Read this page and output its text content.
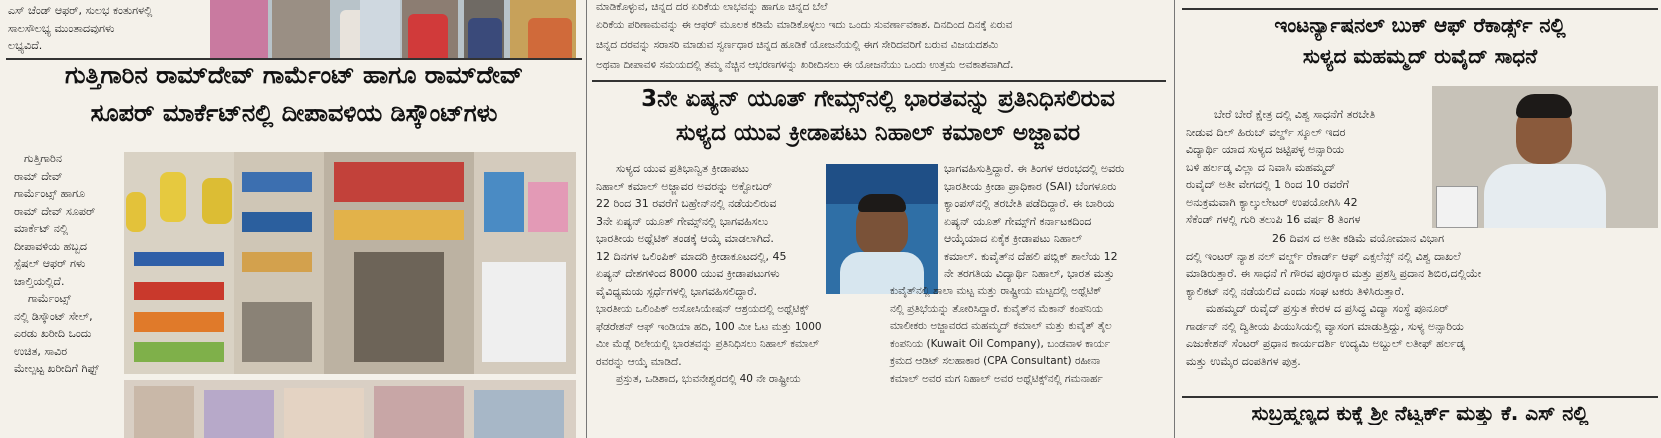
ಎಸ್ ಚೆಂಡ್ ಆಫರ್, ಸುಲಭ ಕಂತುಗಳಲ್ಲಿ

ಸಾಲಸೌಲಭ್ಯ ಮುಂತಾದವುಗಳು

ಲಭ್ಯವಿದೆ.

ಗುತ್ತಿಗಾರಿನ ರಾಮ್‌ದೇವ್ ಗಾರ್ಮೆಂಟ್ ಹಾಗೂ ರಾಮ್‌ದೇವ್
ಸೂಪರ್ ಮಾರ್ಕೆಟ್‌ನಲ್ಲಿ ದೀಪಾವಳಿಯ ಡಿಸ್ಕೌಂಟ್‌ಗಳು

ಗುತ್ತಿಗಾರಿನ

ರಾಮ್ ದೇವ್

ಗಾರ್ಮೆಂಟ್ಸ್ ಹಾಗೂ

ರಾಮ್ ದೇವ್ ಸೂಪರ್

ಮಾರ್ಕೆಟ್ ನಲ್ಲಿ

ದೀಪಾವಳಿಯ ಹಬ್ಬದ

ಸ್ಪೆಷಲ್ ಆಫರ್ ಗಳು

ಚಾಲ್ತಿಯಲ್ಲಿದೆ.

ಗಾರ್ಮೆಂಟ್ಸ್

ನಲ್ಲಿ ಡಿಸ್ಕೌಂಟ್ ಸೇಲ್,

ಎರಡು ಖರೀದಿ ಒಂದು

ಉಚಿತ, ಸಾವಿರ

ಮೇಲ್ಪಟ್ಟ ಖರೀದಿಗೆ ಗಿಫ್ಟ್

ಮಾಡಿಕೊಳ್ಳುವ, ಚಿನ್ನದ ದರ ಏರಿಕೆಯ ಲಾಭವನ್ನು ಹಾಗೂ ಚಿನ್ನದ ಬೆಲೆ

ಏರಿಕೆಯ ಪರಿಣಾಮವನ್ನು ಈ ಆಫರ್ ಮೂಲಕ ಕಡಿಮೆ ಮಾಡಿಕೊಳ್ಳಲು ಇದು ಒಂದು ಸುವರ್ಣಾವಕಾಶ. ದಿನದಿಂದ ದಿನಕ್ಕೆ ಏರುವ

ಚಿನ್ನದ ದರವನ್ನು ಸರಾಸರಿ ಮಾಡುವ ಸ್ವರ್ಣಧಾರ ಚಿನ್ನದ ಹೂಡಿಕೆ ಯೋಜನೆಯಲ್ಲಿ ಈಗ ಸೇರಿದವರಿಗೆ ಬರುವ ವಿಜಯದಶಮಿ

ಅಥವಾ ದೀಪಾವಳಿ ಸಮಯದಲ್ಲಿ ತಮ್ಮ ನೆಚ್ಚಿನ ಆಭರಣಗಳನ್ನು ಖರೀದಿಸಲು ಈ ಯೋಜನೆಯು ಒಂದು ಉತ್ತಮ ಅವಕಾಶವಾಗಿದೆ.

3ನೇ ಏಷ್ಯನ್ ಯೂತ್ ಗೇಮ್ಸ್‌ನಲ್ಲಿ ಭಾರತವನ್ನು ಪ್ರತಿನಿಧಿಸಲಿರುವ
ಸುಳ್ಯದ ಯುವ ಕ್ರೀಡಾಪಟು ನಿಹಾಲ್ ಕಮಾಲ್ ಅಜ್ಜಾವರ

ಸುಳ್ಯದ ಯುವ ಪ್ರತಿಭಾನ್ವಿತ ಕ್ರೀಡಾಪಟು

ನಿಹಾಲ್ ಕಮಾಲ್ ಅಜ್ಜಾವರ ಅವರನ್ನು ಅಕ್ಟೋಬರ್

22 ರಿಂದ 31 ರವರೆಗೆ ಬಹ್ರೇನ್‌ನಲ್ಲಿ ನಡೆಯಲಿರುವ

3ನೇ ಏಷ್ಯನ್ ಯೂತ್ ಗೇಮ್ಸ್‌ನಲ್ಲಿ ಭಾಗವಹಿಸಲು

ಭಾರತೀಯ ಅಥ್ಲೆಟಿಕ್ ತಂಡಕ್ಕೆ ಆಯ್ಕೆ ಮಾಡಲಾಗಿದೆ.

12 ದಿನಗಳ ಒಲಿಂಪಿಕ್ ಮಾದರಿ ಕ್ರೀಡಾಕೂಟದಲ್ಲಿ, 45

ಏಷ್ಯನ್ ದೇಶಗಳಿಂದ 8000 ಯುವ ಕ್ರೀಡಾಪಟುಗಳು

ವೈವಿಧ್ಯಮಯ ಸ್ಪರ್ಧೆಗಳಲ್ಲಿ ಭಾಗವಹಿಸಲಿದ್ದಾರೆ.

ಭಾರತೀಯ ಒಲಿಂಪಿಕ್ ಅಸೋಸಿಯೇಷನ್ ಆಶ್ರಯದಲ್ಲಿ ಅಥ್ಲೆಟಿಕ್ಸ್

ಫೆಡರೇಶನ್ ಆಫ್ ಇಂಡಿಯಾ ಹದಿ, 100 ಮೀ ಓಟ ಮತ್ತು 1000

ಮೀ ಮೆಡ್ಲೆ ರಿಲೇಯಲ್ಲಿ ಭಾರತವನ್ನು ಪ್ರತಿನಿಧಿಸಲು ನಿಹಾಲ್ ಕಮಾಲ್

ರವರನ್ನು ಆಯ್ಕೆ ಮಾಡಿದೆ.

ಪ್ರಸ್ತುತ, ಒಡಿಶಾದ, ಭುವನೇಶ್ವರದಲ್ಲಿ 40 ನೇ ರಾಷ್ಟ್ರೀಯ

ಭಾಗವಹಿಸುತ್ತಿದ್ದಾರೆ. ಈ ತಿಂಗಳ ಆರಂಭದಲ್ಲಿ ಅವರು

ಭಾರತೀಯ ಕ್ರೀಡಾ ಪ್ರಾಧಿಕಾರ (SAI) ಬೆಂಗಳೂರು

ಕ್ಯಾಂಪಸ್‌ನಲ್ಲಿ ತರಬೇತಿ ಪಡೆದಿದ್ದಾರೆ. ಈ ಬಾರಿಯ

ಏಷ್ಯನ್ ಯೂತ್ ಗೇಮ್ಸ್‌ಗೆ ಕರ್ನಾಟಕದಿಂದ

ಆಯ್ಕೆಯಾದ ಏಕೈಕ ಕ್ರೀಡಾಪಟು ನಿಹಾಲ್

ಕಮಾಲ್. ಕುವೈತ್‌ನ ದೆಹಲಿ ಪಬ್ಲಿಕ್ ಶಾಲೆಯ 12

ನೇ ತರಗತಿಯ ವಿದ್ಯಾರ್ಥಿ ನಿಹಾಲ್, ಭಾರತ ಮತ್ತು

ಕುವೈತ್‌ನಲ್ಲಿ ಶಾಲಾ ಮಟ್ಟ ಮತ್ತು ರಾಷ್ಟ್ರೀಯ ಮಟ್ಟದಲ್ಲಿ ಅಥ್ಲೆಟಿಕ್

ನಲ್ಲಿ ಪ್ರತಿಭೆಯನ್ನು ತೋರಿಸಿದ್ದಾರೆ. ಕುವೈತ್‌ನ ಮೆಕಾನ್ ಕಂಪನಿಯ

ಮಾಲೀಕರು ಅಜ್ಜಾವರದ ಮಹಮ್ಮದ್ ಕಮಾಲ್ ಮತ್ತು ಕುವೈತ್ ತೈಲ

ಕಂಪನಿಯ (Kuwait Oil Company), ಬಂಡವಾಳ ಕಾರ್ಯ

ಕ್ರಮದ ಆಡಿಟ್ ಸಲಹಾಕಾರ (CPA Consultant) ರಹೀನಾ

ಕಮಾಲ್ ಅವರ ಮಗ ನಿಹಾಲ್ ಅವರ ಅಥ್ಲೆಟಿಕ್ಸ್‌ನಲ್ಲಿ ಗಮನಾರ್ಹ

ಇಂಟರ್ನ್ಯಾಷನಲ್ ಬುಕ್ ಆಫ್ ರೆಕಾರ್ಡ್ಸ್ ನಲ್ಲಿ
ಸುಳ್ಯದ ಮಹಮ್ಮದ್ ರುವೈದ್ ಸಾಧನೆ

ಬೇರೆ ಬೇರೆ ಕ್ಷೇತ್ರ ದಲ್ಲಿ ವಿಶ್ವ ಸಾಧನೆಗೆ ತರಬೇತಿ

ನೀಡುವ ದಿಲ್ ಹಿರುಬ್ ವರ್ಲ್ಡ್ ಸ್ಕೂಲ್ ಇದರ

ವಿದ್ಯಾರ್ಥಿ ಯಾದ ಸುಳ್ಯದ ಜಟ್ಟಿಪಳ್ಳ ಅನ್ಸಾರಿಯ

ಬಳಿ ಹರ್ಲಡ್ಕ ವಿಲ್ಲಾ ದ ನಿವಾಸಿ ಮಹಮ್ಮದ್

ರುವೈದ್ ಅತೀ ವೇಗದಲ್ಲಿ 1 ರಿಂದ 10 ರವರೆಗೆ

ಅನುಕ್ರಮವಾಗಿ ಕ್ಯಾಲ್ಕುಲೇಟರ್ ಉಪಯೋಗಿಸಿ 42

ಸೆಕೆಂಡ್ ಗಳಲ್ಲಿ ಗುರಿ ತಲುಪಿ 16 ವರ್ಷ 8 ತಿಂಗಳ

26 ದಿವಸ ದ ಅತೀ ಕಡಿಮೆ ವಯೋಮಾನ ವಿಭಾಗ

ದಲ್ಲಿ ಇಂಟರ್ ನ್ಯಾಶ ನಲ್ ವರ್ಲ್ಡ್ ರೆಕಾರ್ಡ್ ಆಫ್ ಎಕ್ಸಲೆನ್ಸ್ ನಲ್ಲಿ ವಿಶ್ವ ದಾಖಲೆ

ಮಾಡಿರುತ್ತಾರೆ. ಈ ಸಾಧನೆ ಗೆ ಗೌರವ ಪುರಸ್ಕಾರ ಮತ್ತು ಪ್ರಶಸ್ತಿ ಪ್ರದಾನ ಶಿಬಿರ,ದಲ್ಲಿಯೇ

ಕ್ಯಾಲಿಕಟ್ ನಲ್ಲಿ ನಡೆಯಲಿದೆ ಎಂದು ಸಂಘ ಟಕರು ತಿಳಿಸಿರುತ್ತಾರೆ.

ಮಹಮ್ಮದ್ ರುವೈದ್ ಪ್ರಸ್ತುತ ಕೇರಳ ದ ಪ್ರಸಿದ್ಧ ವಿದ್ಯಾ ಸಂಸ್ಥೆ ಪೂನೂರ್

ಗಾರ್ಡನ್ ನಲ್ಲಿ ದ್ವಿತೀಯ ಪಿಯುಸಿಯಲ್ಲಿ ವ್ಯಾಸಂಗ ಮಾಡುತ್ತಿದ್ದು, ಸುಳ್ಯ ಅನ್ಸಾರಿಯ

ಎಜುಕೇಶನ್ ಸೆಂಟರ್ ಪ್ರಧಾನ ಕಾರ್ಯದರ್ಶಿ ಉದ್ಯಮಿ ಅಬ್ದುಲ್ ಲತೀಫ್ ಹರ್ಲಡ್ಕ

ಮತ್ತು ಉಮೈರ ದಂಪತಿಗಳ ಪುತ್ರ.

ಸುಬ್ರಹ್ಮಣ್ಯದ ಕುಕ್ಕೆ ಶ್ರೀ ನೆಟ್ವರ್ಕ್ ಮತ್ತು ಕೆ. ಎಸ್ ನಲ್ಲಿ
